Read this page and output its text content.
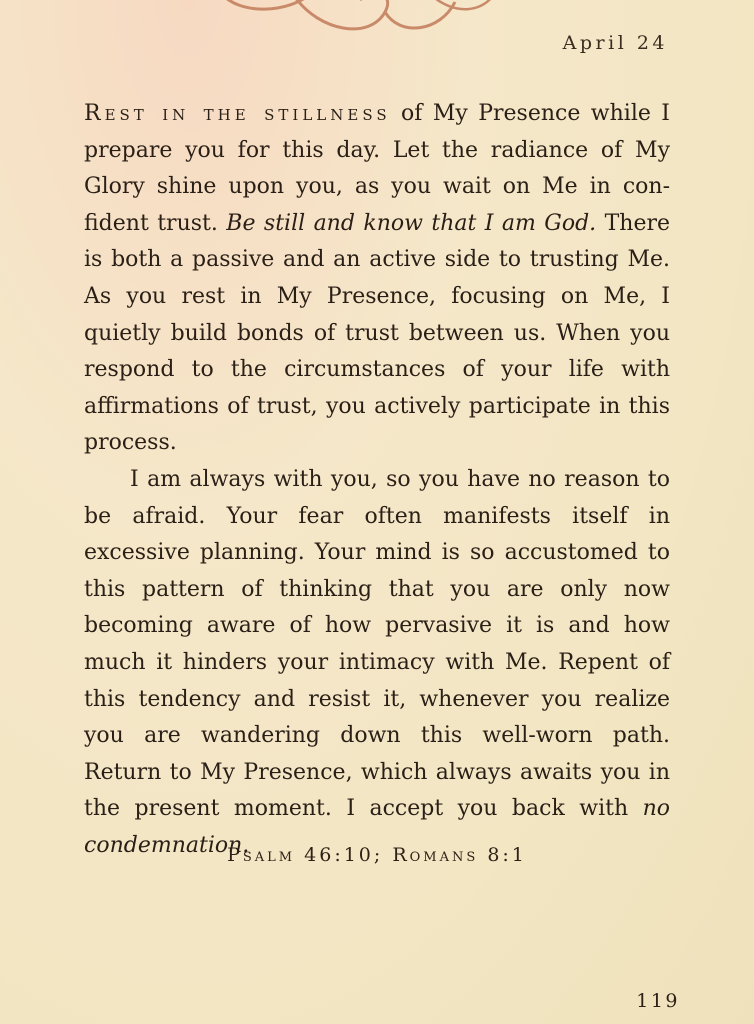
April 24

Rest in the stillness of My Presence while I prepare you for this day. Let the radiance of My Glory shine upon you, as you wait on Me in confident trust. Be still and know that I am God. There is both a passive and an active side to trusting Me. As you rest in My Presence, focusing on Me, I quietly build bonds of trust between us. When you respond to the circumstances of your life with affirmations of trust, you actively participate in this process.

I am always with you, so you have no reason to be afraid. Your fear often manifests itself in excessive planning. Your mind is so accustomed to this pattern of thinking that you are only now becoming aware of how pervasive it is and how much it hinders your intimacy with Me. Repent of this tendency and resist it, whenever you realize you are wandering down this well-worn path. Return to My Presence, which always awaits you in the present moment. I accept you back with no condemnation.

Psalm 46:10; Romans 8:1
119
